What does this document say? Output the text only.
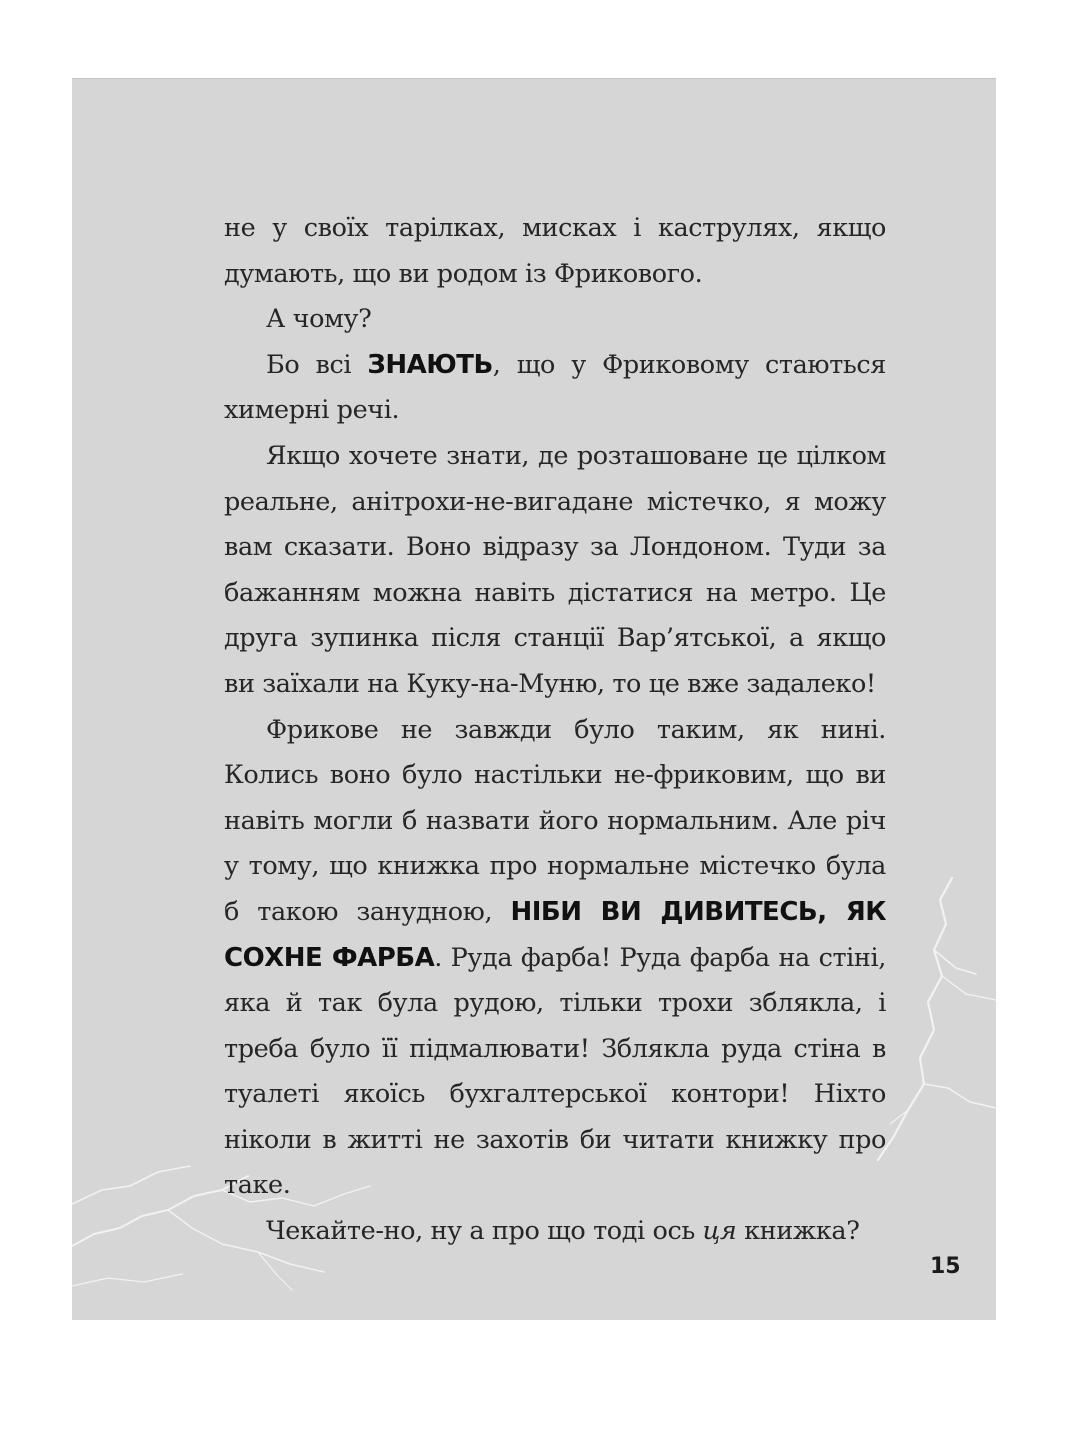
не у своїх тарілках, мисках і каструлях, якщо думають, що ви родом із Фрикового.

А чому?

Бо всі ЗНАЮТЬ, що у Фриковому стаються химерні речі.

Якщо хочете знати, де розташоване це цілком реальне, анітрохи-не-вигадане містечко, я можу вам сказати. Воно відразу за Лондоном. Туди за бажанням можна навіть дістатися на метро. Це друга зупинка після станції Вар’ятської, а якщо ви заїхали на Куку-на-Муню, то це вже задалеко!

Фрикове не завжди було таким, як нині. Колись воно було настільки не-фриковим, що ви навіть могли б назвати його нормальним. Але річ у тому, що книжка про нормальне містечко була б такою занудною, НІБИ ВИ ДИВИТЕСЬ, ЯК СОХНЕ ФАРБА. Руда фарба! Руда фарба на стіні, яка й так була рудою, тільки трохи зблякла, і треба було її підмалювати! Зблякла руда стіна в туалеті якоїсь бухгалтерської контори! Ніхто ніколи в житті не захотів би читати книжку про таке.

Чекайте-но, ну а про що тоді ось ця книжка?

15
